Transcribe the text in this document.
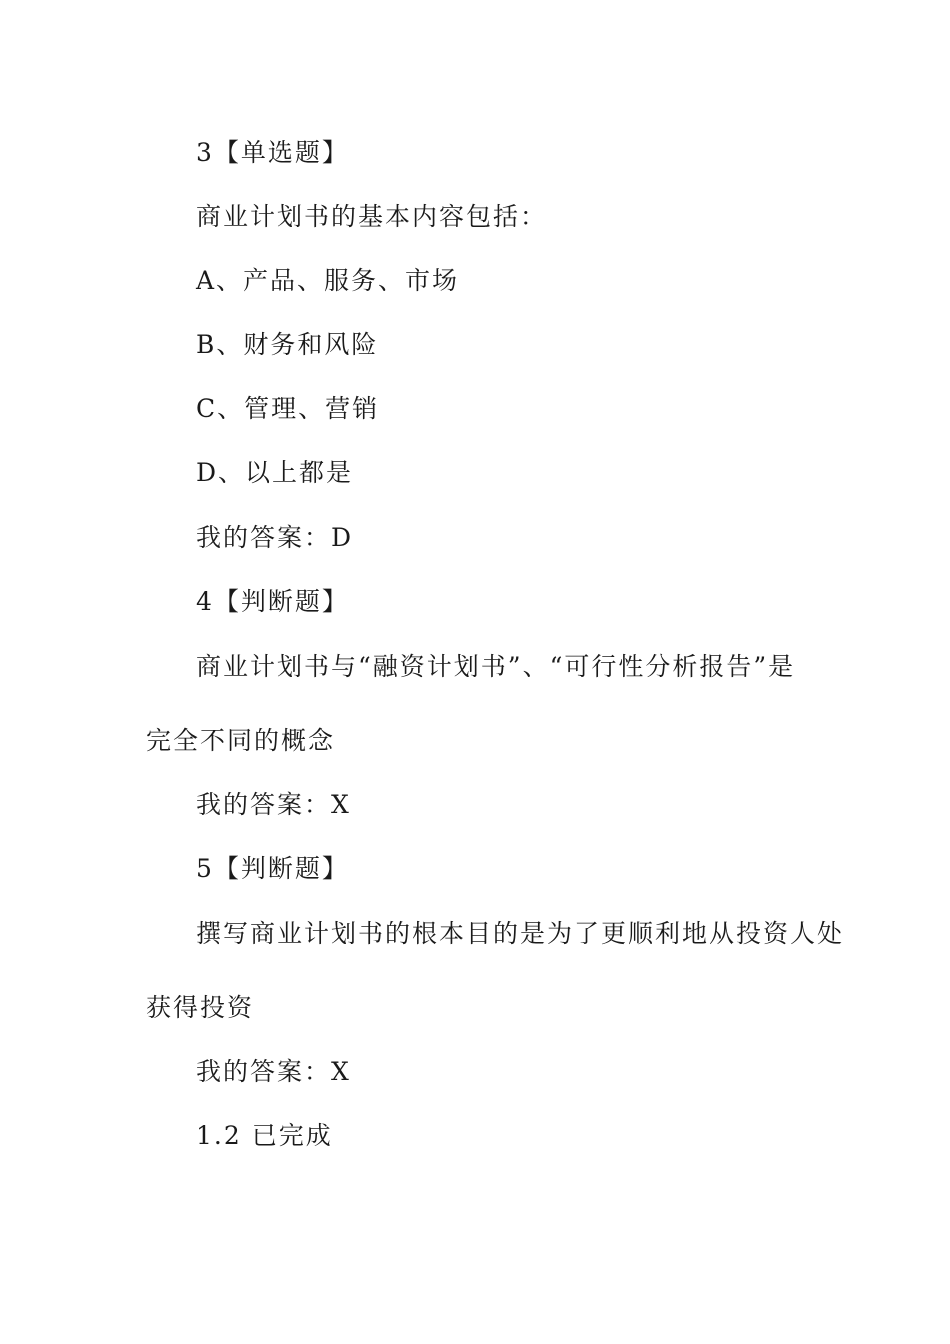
3【单选题】
商业计划书的基本内容包括：
A、产品、服务、市场
B、财务和风险
C、管理、营销
D、以上都是
我的答案：D
4【判断题】
商业计划书与“融资计划书”、“可行性分析报告”是
完全不同的概念
我的答案：X
5【判断题】
撰写商业计划书的根本目的是为了更顺利地从投资人处
获得投资
我的答案：X
1.2 已完成
